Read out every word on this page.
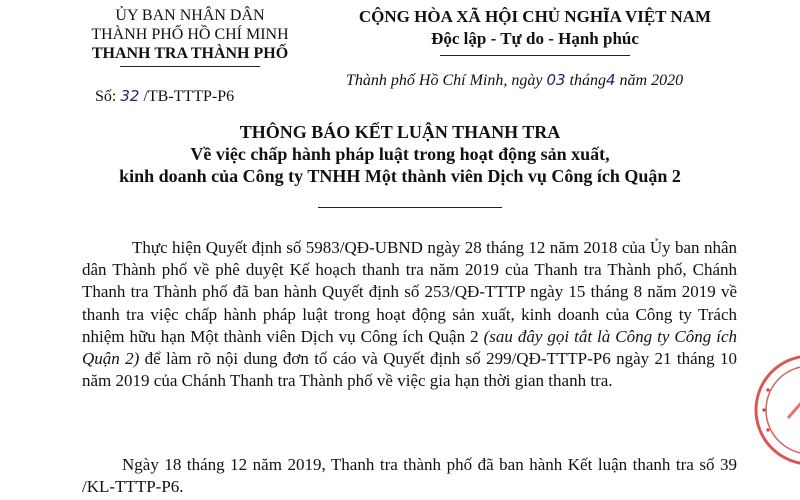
ỦY BAN NHÂN DÂN
THÀNH PHỐ HỒ CHÍ MINH
THANH TRA THÀNH PHỐ
CỘNG HÒA XÃ HỘI CHỦ NGHĨA VIỆT NAM
Độc lập - Tự do - Hạnh phúc
Thành phố Hồ Chí Minh, ngày 03 tháng4 năm 2020
Số: 32 /TB-TTTP-P6
THÔNG BÁO KẾT LUẬN THANH TRA
Về việc chấp hành pháp luật trong hoạt động sản xuất,
kinh doanh của Công ty TNHH Một thành viên Dịch vụ Công ích Quận 2
Thực hiện Quyết định số 5983/QĐ-UBND ngày 28 tháng 12 năm 2018 của Ủy ban nhân dân Thành phố về phê duyệt Kế hoạch thanh tra năm 2019 của Thanh tra Thành phố, Chánh Thanh tra Thành phố đã ban hành Quyết định số 253/QĐ-TTTP ngày 15 tháng 8 năm 2019 về thanh tra việc chấp hành pháp luật trong hoạt động sản xuất, kinh doanh của Công ty Trách nhiệm hữu hạn Một thành viên Dịch vụ Công ích Quận 2 (sau đây gọi tắt là Công ty Công ích Quận 2) để làm rõ nội dung đơn tố cáo và Quyết định số 299/QĐ-TTTP-P6 ngày 21 tháng 10 năm 2019 của Chánh Thanh tra Thành phố về việc gia hạn thời gian thanh tra.
Ngày 18 tháng 12 năm 2019, Thanh tra thành phố đã ban hành Kết luận thanh tra số 39 /KL-TTTP-P6.
